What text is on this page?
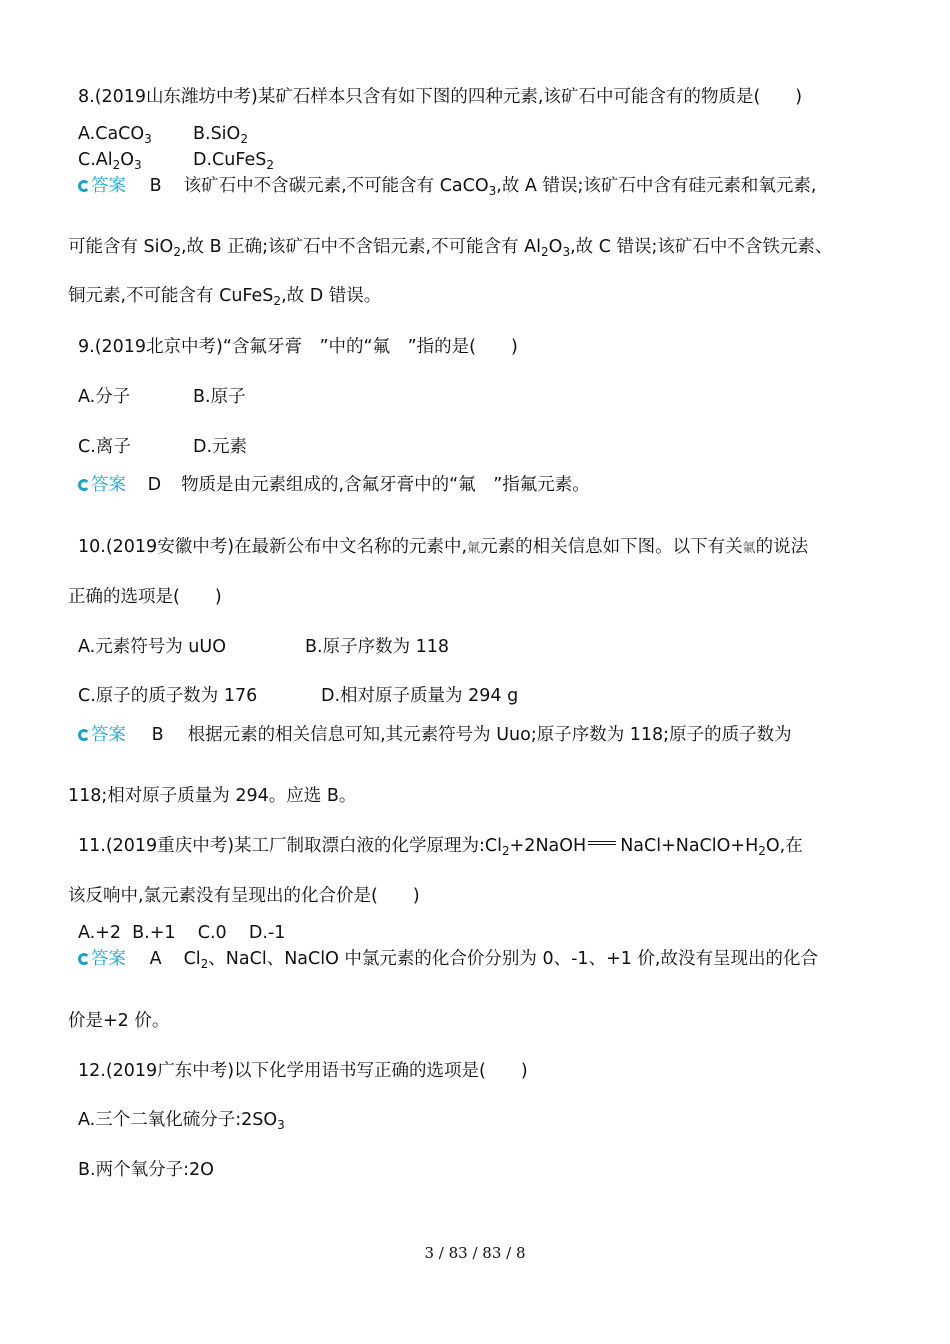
8.(2019山东潍坊中考)某矿石样本只含有如下图的四种元素,该矿石中可能含有的物质是(　　)
A.CaCO$_3$ B.SiO$_2$
$C.Al_2O_3$	D.CuFeS$_2$
答案 B 该矿石中不含碳元素,不可能含有 CaCO$_3$,故 A 错误;该矿石中含有硅元素和氧元素,
可能含有 SiO$_2$,故 B 正确;该矿石中不含铝元素,不可能含有 $Al_2O_3$,故 C 错误;该矿石中不含铁元素、
铜元素,不可能含有 CuFeS$_2$,故 D 错误。
9.(2019北京中考)“含氟牙膏　”中的“氟　”指的是(　　)
A.分子	B.原子
C.离子	D.元素
答案 D 物质是由元素组成的,含氟牙膏中的“氟　”指氟元素。
10.(2019安徽中考)在最新公布中文名称的元素中,氭元素的相关信息如下图。以下有关氭的说法
正确的选项是(　　)
A.元素符号为 uUO	B.原子序数为 118
C.原子的质子数为 176	D.相对原子质量为 294 g
答案 B 根据元素的相关信息可知,其元素符号为 Uuo;原子序数为 118;原子的质子数为
118;相对原子质量为 294。应选 B。
11.(2019重庆中考)某工厂制取漂白液的化学原理为$:Cl_2+2NaOH$ $NaCl+NaClO+H_2O$,在
该反响中,氯元素没有呈现出的化合价是(　　)
A.+2  B.+1    C.0    D.-1
答案 A $Cl_2$、NaCl、NaClO 中氯元素的化合价分别为 0、-1、+1 价,故没有呈现出的化合
价是+2 价。
12.(2019广东中考)以下化学用语书写正确的选项是(　　)
A.三个二氧化硫分子$:2SO_3$
B.两个氧分子:2O
3 / 83 / 83 / 8
